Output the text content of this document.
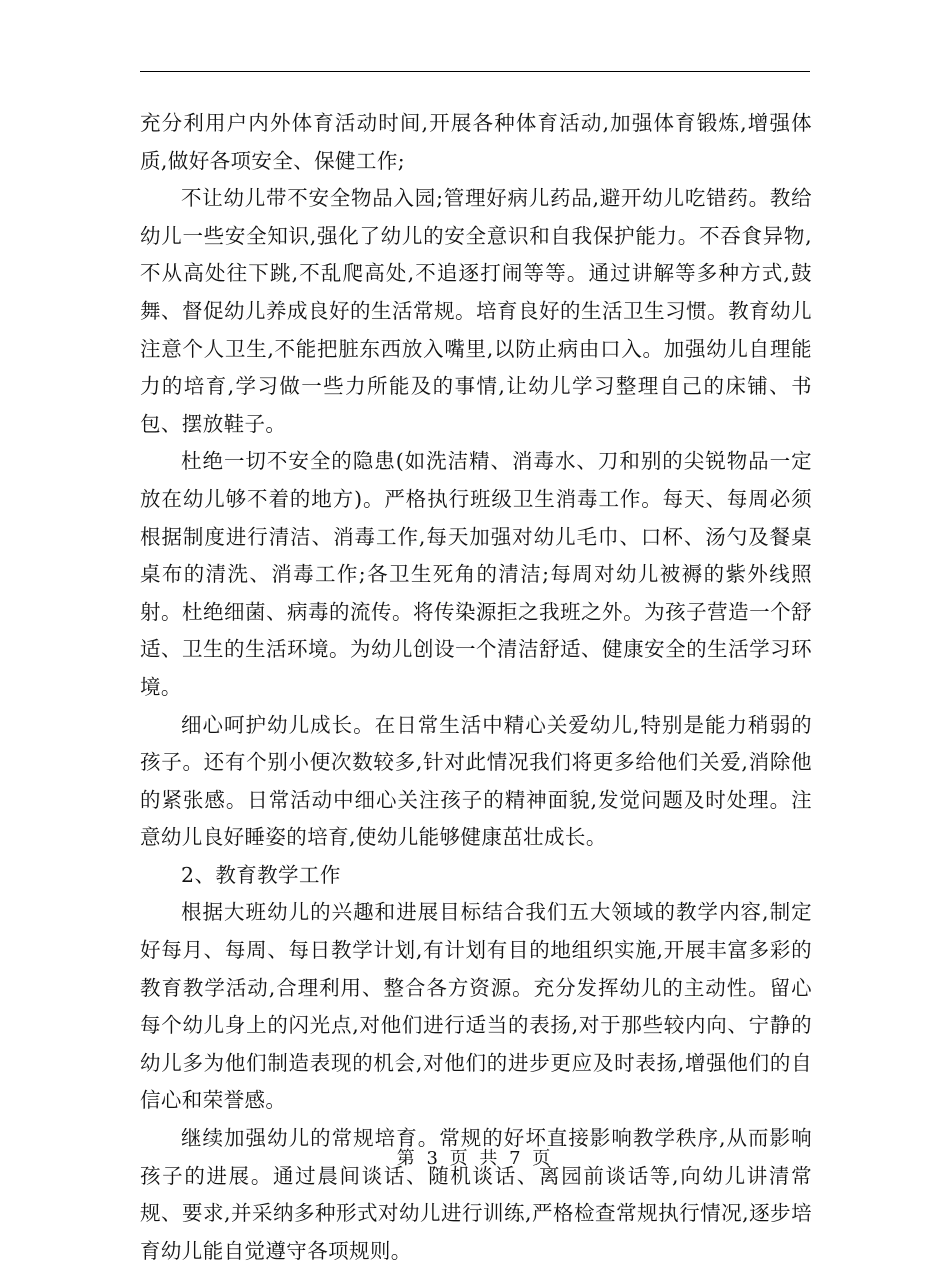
充分利用户内外体育活动时间,开展各种体育活动,加强体育锻炼,增强体质,做好各项安全、保健工作;

不让幼儿带不安全物品入园;管理好病儿药品,避开幼儿吃错药。教给幼儿一些安全知识,强化了幼儿的安全意识和自我保护能力。不吞食异物,不从高处往下跳,不乱爬高处,不追逐打闹等等。通过讲解等多种方式,鼓舞、督促幼儿养成良好的生活常规。培育良好的生活卫生习惯。教育幼儿注意个人卫生,不能把脏东西放入嘴里,以防止病由口入。加强幼儿自理能力的培育,学习做一些力所能及的事情,让幼儿学习整理自己的床铺、书包、摆放鞋子。

杜绝一切不安全的隐患(如洗洁精、消毒水、刀和别的尖锐物品一定放在幼儿够不着的地方)。严格执行班级卫生消毒工作。每天、每周必须根据制度进行清洁、消毒工作,每天加强对幼儿毛巾、口杯、汤勺及餐桌桌布的清洗、消毒工作;各卫生死角的清洁;每周对幼儿被褥的紫外线照射。杜绝细菌、病毒的流传。将传染源拒之我班之外。为孩子营造一个舒适、卫生的生活环境。为幼儿创设一个清洁舒适、健康安全的生活学习环境。

细心呵护幼儿成长。在日常生活中精心关爱幼儿,特别是能力稍弱的孩子。还有个别小便次数较多,针对此情况我们将更多给他们关爱,消除他的紧张感。日常活动中细心关注孩子的精神面貌,发觉问题及时处理。注意幼儿良好睡姿的培育,使幼儿能够健康茁壮成长。

2、教育教学工作

根据大班幼儿的兴趣和进展目标结合我们五大领域的教学内容,制定好每月、每周、每日教学计划,有计划有目的地组织实施,开展丰富多彩的教育教学活动,合理利用、整合各方资源。充分发挥幼儿的主动性。留心每个幼儿身上的闪光点,对他们进行适当的表扬,对于那些较内向、宁静的幼儿多为他们制造表现的机会,对他们的进步更应及时表扬,增强他们的自信心和荣誉感。

继续加强幼儿的常规培育。常规的好坏直接影响教学秩序,从而影响孩子的进展。通过晨间谈话、随机谈话、离园前谈话等,向幼儿讲清常规、要求,并采纳多种形式对幼儿进行训练,严格检查常规执行情况,逐步培育幼儿能自觉遵守各项规则。

第 3 页 共 7 页
